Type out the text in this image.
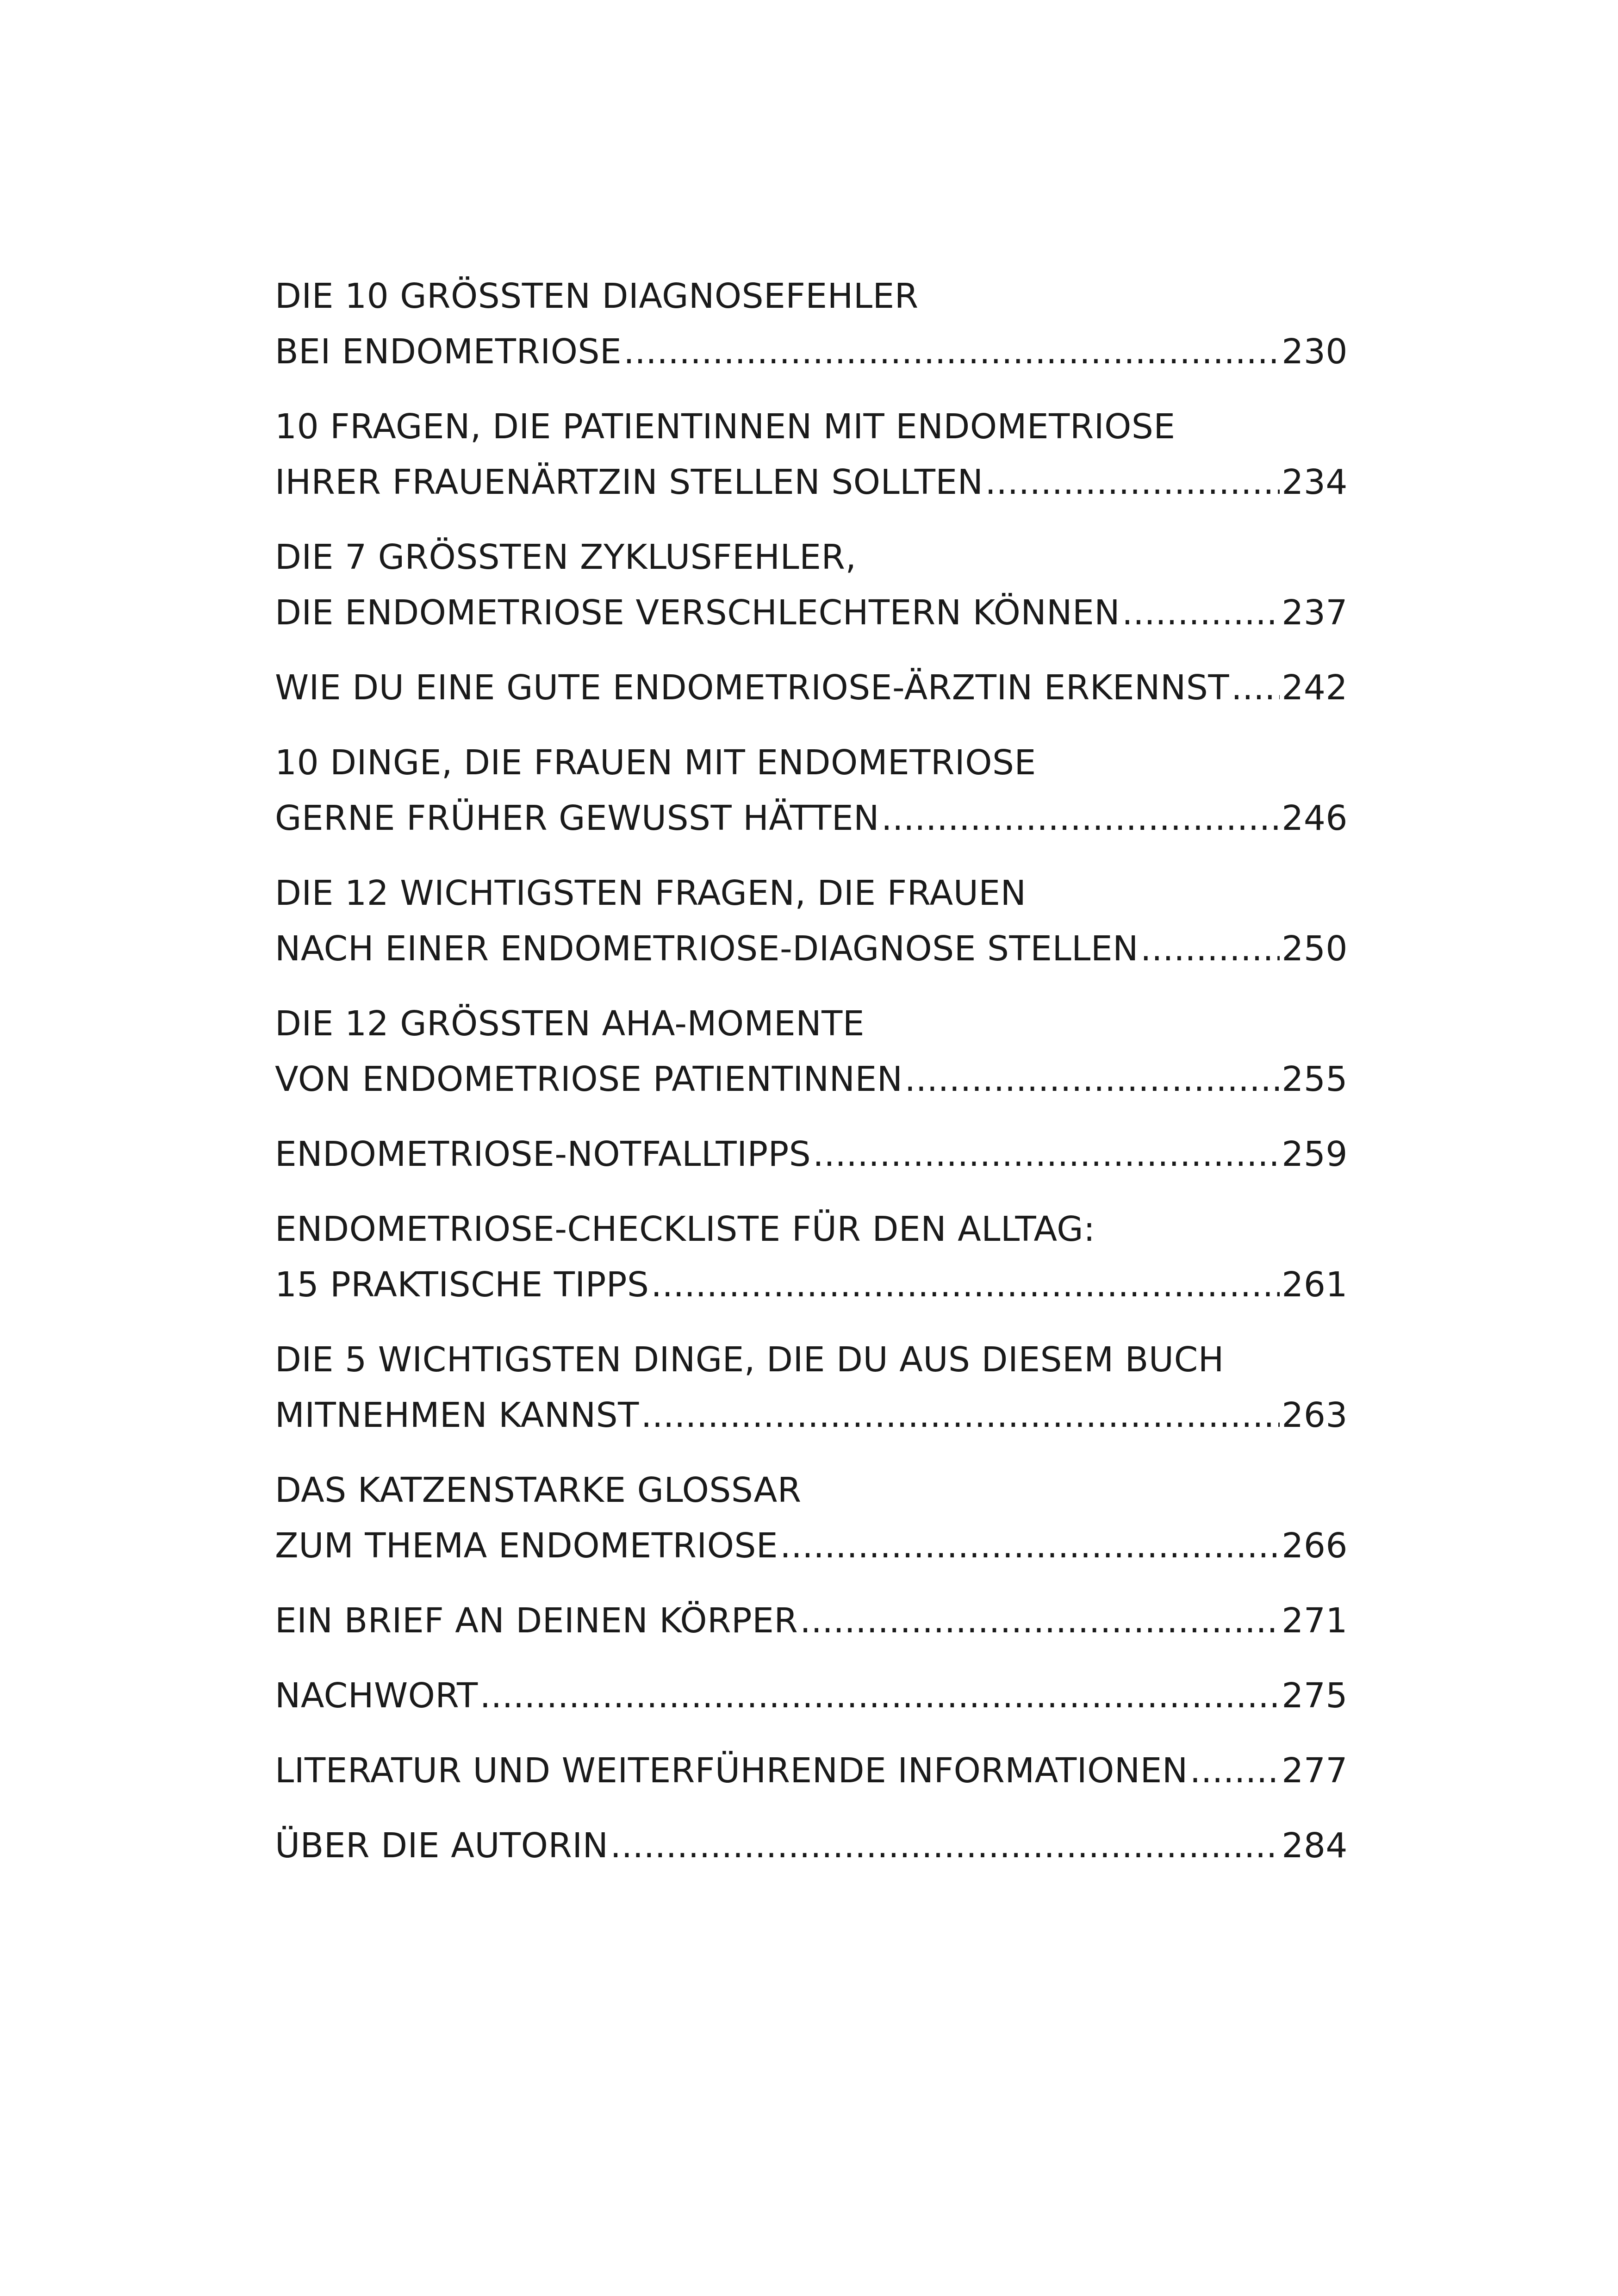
DIE 10 GRÖSSTEN DIAGNOSEFEHLER
BEI ENDOMETRIOSE .....	230
10 FRAGEN, DIE PATIENTINNEN MIT ENDOMETRIOSE
IHRER FRAUENÄRTZIN STELLEN SOLLTEN .....	234
DIE 7 GRÖSSTEN ZYKLUSFEHLER,
DIE ENDOMETRIOSE VERSCHLECHTERN KÖNNEN .....	237
WIE DU EINE GUTE ENDOMETRIOSE-ÄRZTIN ERKENNST ..... 242
10 DINGE, DIE FRAUEN MIT ENDOMETRIOSE
GERNE FRÜHER GEWUSST HÄTTEN .....	246
DIE 12 WICHTIGSTEN FRAGEN, DIE FRAUEN
NACH EINER ENDOMETRIOSE-DIAGNOSE STELLEN .....	250
DIE 12 GRÖSSTEN AHA-MOMENTE
VON ENDOMETRIOSE PATIENTINNEN .....	255
ENDOMETRIOSE-NOTFALLTIPPS .....	259
ENDOMETRIOSE-CHECKLISTE FÜR DEN ALLTAG:
15 PRAKTISCHE TIPPS .....	261
DIE 5 WICHTIGSTEN DINGE, DIE DU AUS DIESEM BUCH
MITNEHMEN KANNST .....	263
DAS KATZENSTARKE GLOSSAR
ZUM THEMA ENDOMETRIOSE .....	266
EIN BRIEF AN DEINEN KÖRPER .....	271
NACHWORT .....	275
LITERATUR UND WEITERFÜHRENDE INFORMATIONEN .....	277
ÜBER DIE AUTORIN .....	284
